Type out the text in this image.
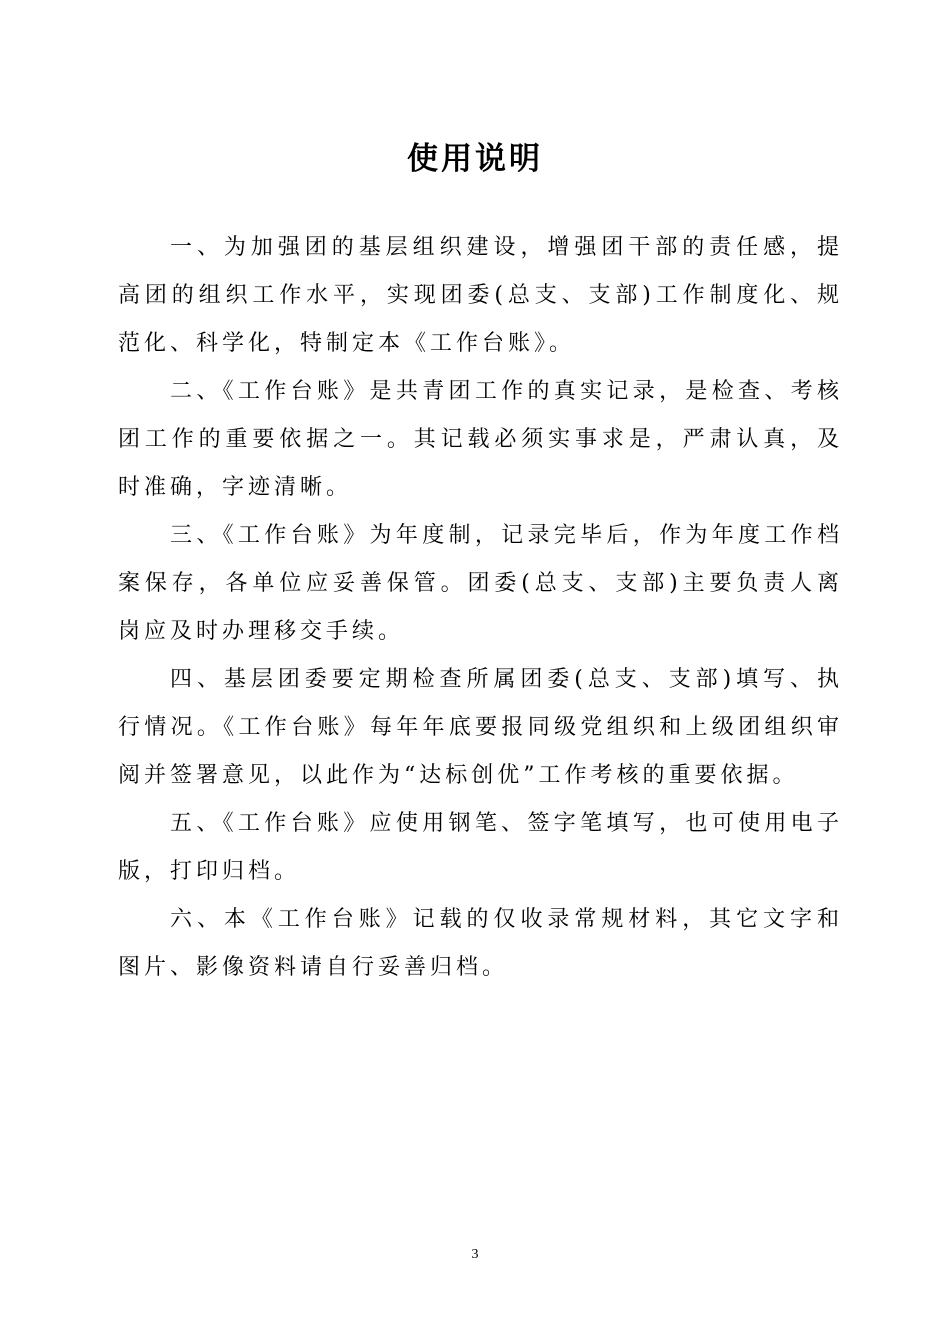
使用说明

一、为加强团的基层组织建设，增强团干部的责任感，提高团的组织工作水平，实现团委(总支、支部)工作制度化、规范化、科学化，特制定本《工作台账》。

二、《工作台账》是共青团工作的真实记录，是检查、考核团工作的重要依据之一。其记载必须实事求是，严肃认真，及时准确，字迹清晰。

三、《工作台账》为年度制，记录完毕后，作为年度工作档案保存，各单位应妥善保管。团委(总支、支部)主要负责人离岗应及时办理移交手续。

四、基层团委要定期检查所属团委(总支、支部)填写、执行情况。《工作台账》每年年底要报同级党组织和上级团组织审阅并签署意见，以此作为“达标创优”工作考核的重要依据。

五、《工作台账》应使用钢笔、签字笔填写，也可使用电子版，打印归档。

六、本《工作台账》记载的仅收录常规材料，其它文字和图片、影像资料请自行妥善归档。

3
